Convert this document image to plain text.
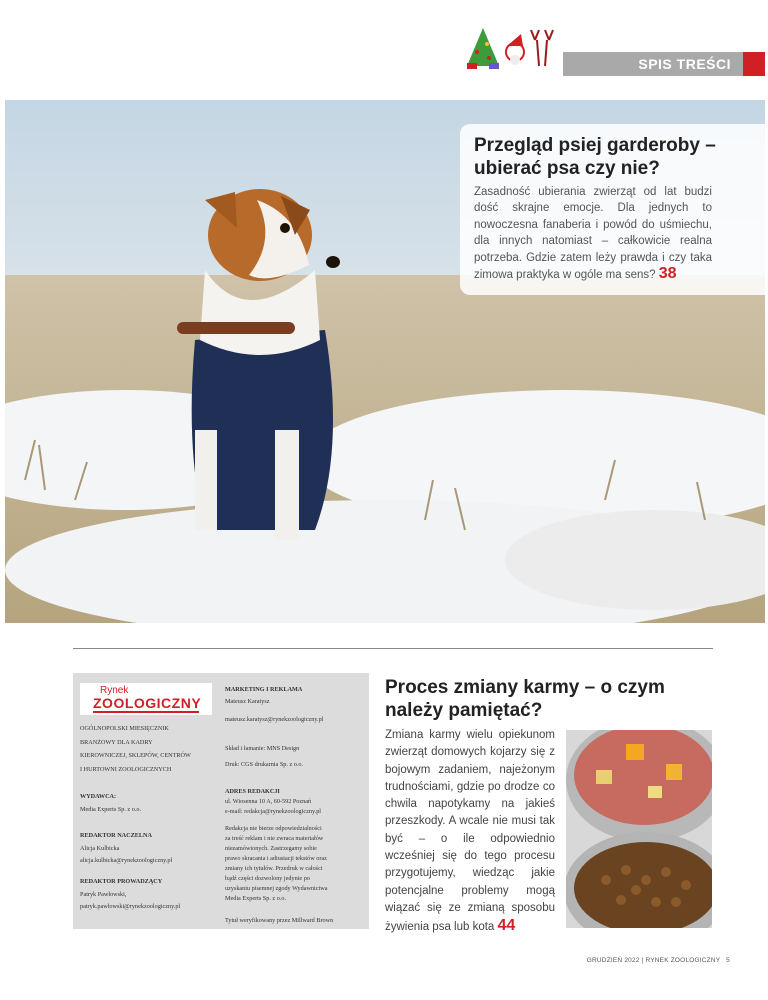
SPIS TREŚCI
Przegląd psiej garderoby – ubierać psa czy nie?

Zasadność ubierania zwierząt od lat budzi dość skrajne emocje. Dla jednych to nowoczesna fanaberia i powód do uśmiechu, dla innych natomiast – całkowicie realna potrzeba. Gdzie zatem leży prawda i czy taka zimowa praktyka w ogóle ma sens? 38

Rynek
ZOOLOGICZNY

OGÓLNOPOLSKI MIESIĘCZNIK

BRANŻOWY DLA KADRY

KIEROWNICZEJ, SKLEPÓW, CENTRÓW

I HURTOWNI ZOOLOGICZNYCH

WYDAWCA:

Media Experts Sp. z o.o.

REDAKTOR NACZELNA

Alicja Kulbicka

alicja.kulbicka@rynekzoologiczny.pl

REDAKTOR PROWADZĄCY

Patryk Pawłowski,

patryk.pawlowski@rynekzoologiczny.pl

MARKETING I REKLAMA

Mateusz Karatysz

mateusz.karatysz@rynekzoologiczny.pl

Skład i łamanie: MNS Design

Druk: CGS drukarnia Sp. z o.o.

ADRES REDAKCJI

ul. Wiosenna 10 A, 60-592 Poznań

e-mail: redakcja@rynekzoologiczny.pl

Redakcja nie bierze odpowiedzialności

za treść reklam i nie zwraca materiałów

niezamówionych. Zastrzegamy sobie

prawo skracania i adiustacji tekstów oraz

zmiany ich tytułów. Przedruk w całości

bądź części dozwolony jedynie po

uzyskaniu pisemnej zgody Wydawnictwa

Media Experts Sp. z o.o.

Tytuł weryfikowany przez Millward Brown

Proces zmiany karmy – o czym należy pamiętać?

Zmiana karmy wielu opiekunom zwierząt domowych kojarzy się z bojowym zadaniem, najeżonym trudnościami, gdzie po drodze co chwila napotykamy na jakieś przeszkody. A wcale nie musi tak być – o ile odpowiednio wcześniej się do tego procesu przygotujemy, wiedząc jakie potencjalne problemy mogą wiązać się ze zmianą sposobu żywienia psa lub kota 44

GRUDZIEŃ 2022 | RYNEK ZOOLOGICZNY 5
